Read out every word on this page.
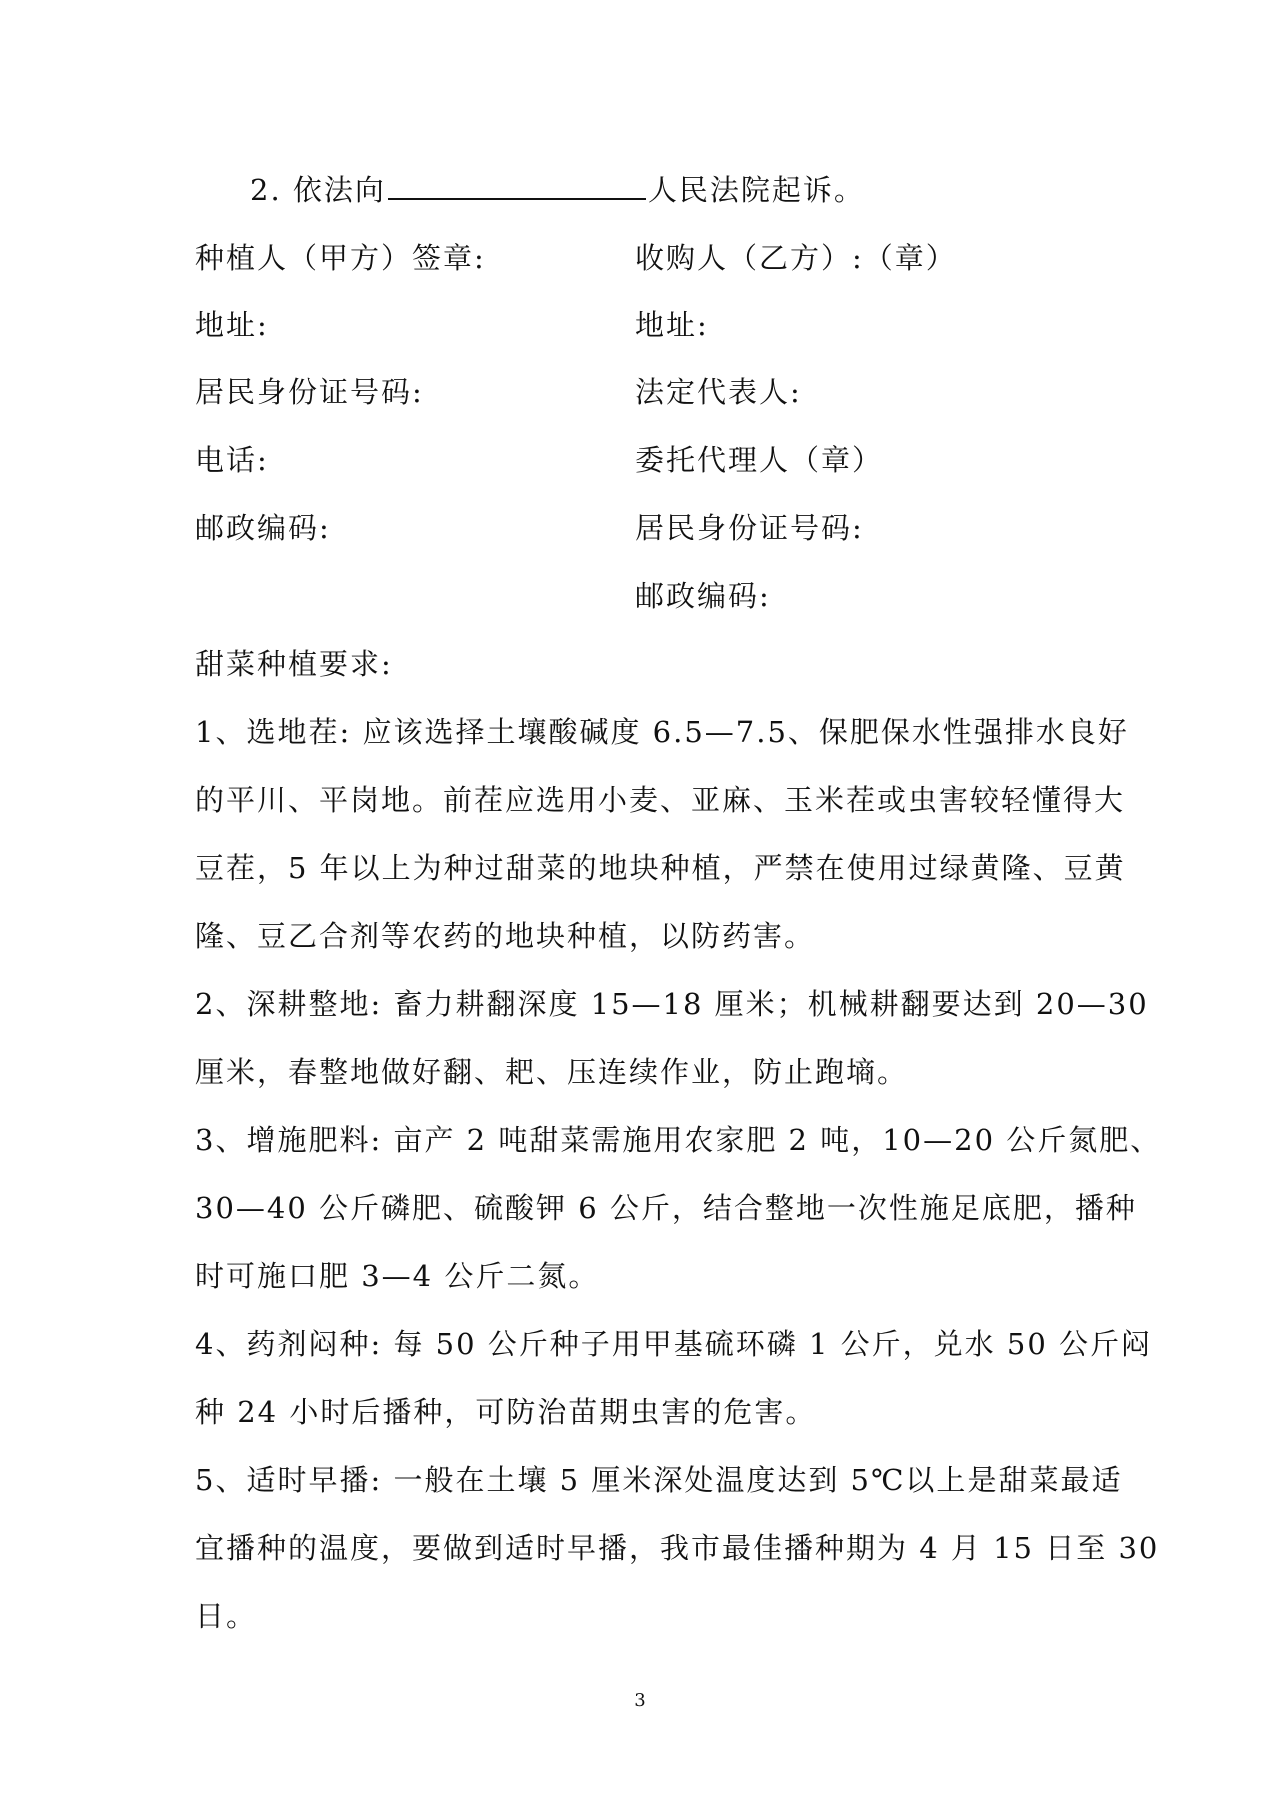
2. 依法向	人民法院起诉。
种植人（甲方）签章:
地址:
居民身份证号码:
电话:
邮政编码:
收购人（乙方）:（章）
地址:
法定代表人:
委托代理人（章）
居民身份证号码:
邮政编码:
甜菜种植要求:
1、选地茬: 应该选择土壤酸碱度 6.5—7.5、保肥保水性强排水良好
的平川、平岗地。前茬应选用小麦、亚麻、玉米茬或虫害较轻懂得大
豆茬，5 年以上为种过甜菜的地块种植，严禁在使用过绿黄隆、豆黄
隆、豆乙合剂等农药的地块种植，以防药害。
2、深耕整地: 畜力耕翻深度 15—18 厘米；机械耕翻要达到 20—30
厘米，春整地做好翻、耙、压连续作业，防止跑墒。
3、增施肥料: 亩产 2 吨甜菜需施用农家肥 2 吨，10—20 公斤氮肥、
30—40 公斤磷肥、硫酸钾 6 公斤，结合整地一次性施足底肥，播种
时可施口肥 3—4 公斤二氮。
4、药剂闷种: 每 50 公斤种子用甲基硫环磷 1 公斤，兑水 50 公斤闷
种 24 小时后播种，可防治苗期虫害的危害。
5、适时早播: 一般在土壤 5 厘米深处温度达到 5℃以上是甜菜最适
宜播种的温度，要做到适时早播，我市最佳播种期为 4 月 15 日至 30
日。
3
